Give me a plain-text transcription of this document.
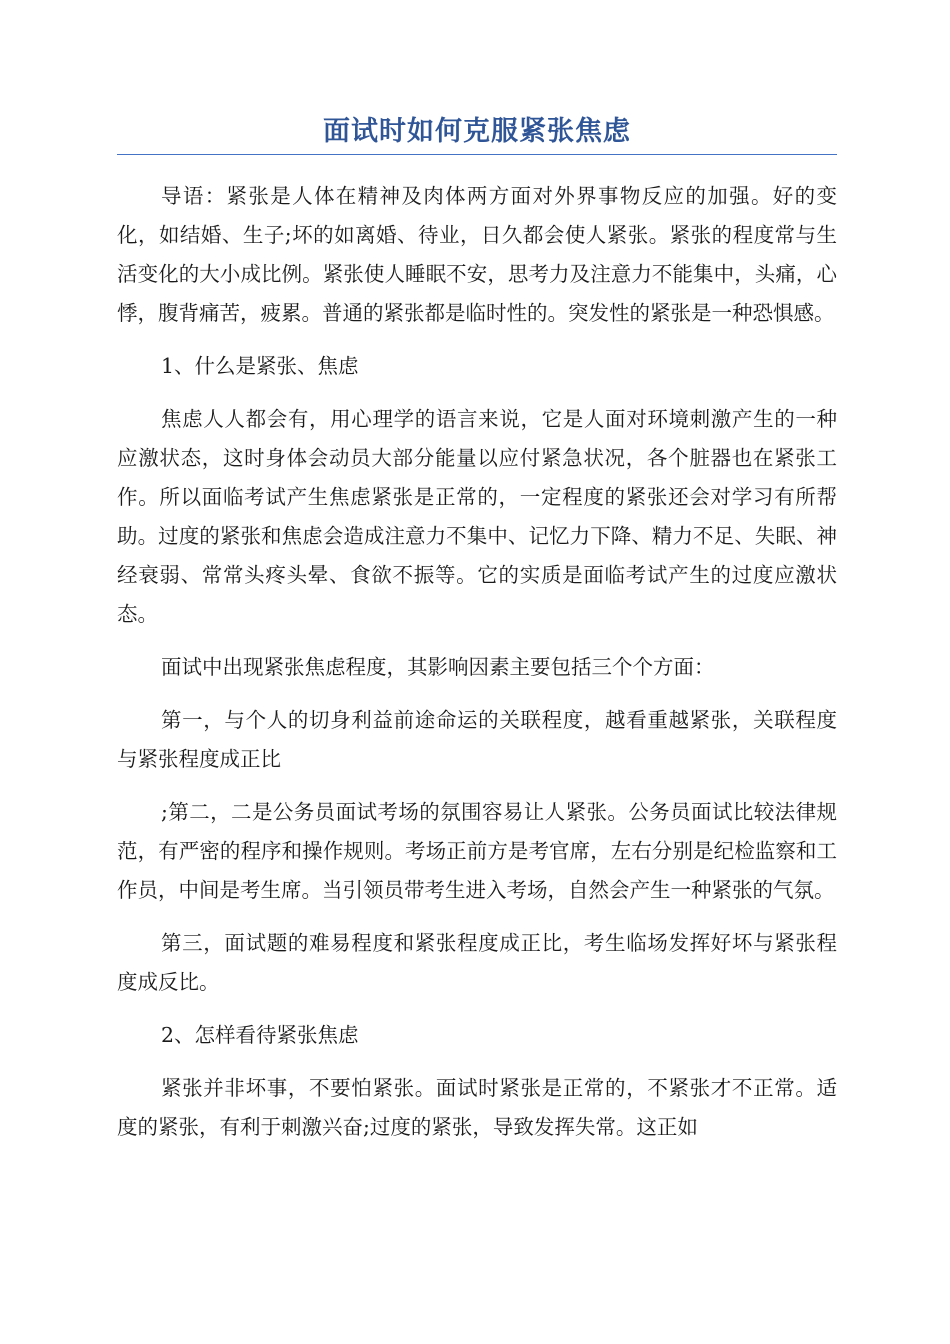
面试时如何克服紧张焦虑

导语：紧张是人体在精神及肉体两方面对外界事物反应的加强。好的变化，如结婚、生子;坏的如离婚、待业，日久都会使人紧张。紧张的程度常与生活变化的大小成比例。紧张使人睡眠不安，思考力及注意力不能集中，头痛，心悸，腹背痛苦，疲累。普通的紧张都是临时性的。突发性的紧张是一种恐惧感。

1、什么是紧张、焦虑

焦虑人人都会有，用心理学的语言来说，它是人面对环境刺激产生的一种应激状态，这时身体会动员大部分能量以应付紧急状况，各个脏器也在紧张工作。所以面临考试产生焦虑紧张是正常的，一定程度的紧张还会对学习有所帮助。过度的紧张和焦虑会造成注意力不集中、记忆力下降、精力不足、失眠、神经衰弱、常常头疼头晕、食欲不振等。它的实质是面临考试产生的过度应激状态。

面试中出现紧张焦虑程度，其影响因素主要包括三个个方面：

第一，与个人的切身利益前途命运的关联程度，越看重越紧张，关联程度与紧张程度成正比

;第二，二是公务员面试考场的氛围容易让人紧张。公务员面试比较法律规范，有严密的程序和操作规则。考场正前方是考官席，左右分别是纪检监察和工作员，中间是考生席。当引领员带考生进入考场，自然会产生一种紧张的气氛。

第三，面试题的难易程度和紧张程度成正比，考生临场发挥好坏与紧张程度成反比。

2、怎样看待紧张焦虑

紧张并非坏事，不要怕紧张。面试时紧张是正常的，不紧张才不正常。适度的紧张，有利于刺激兴奋;过度的紧张，导致发挥失常。这正如
